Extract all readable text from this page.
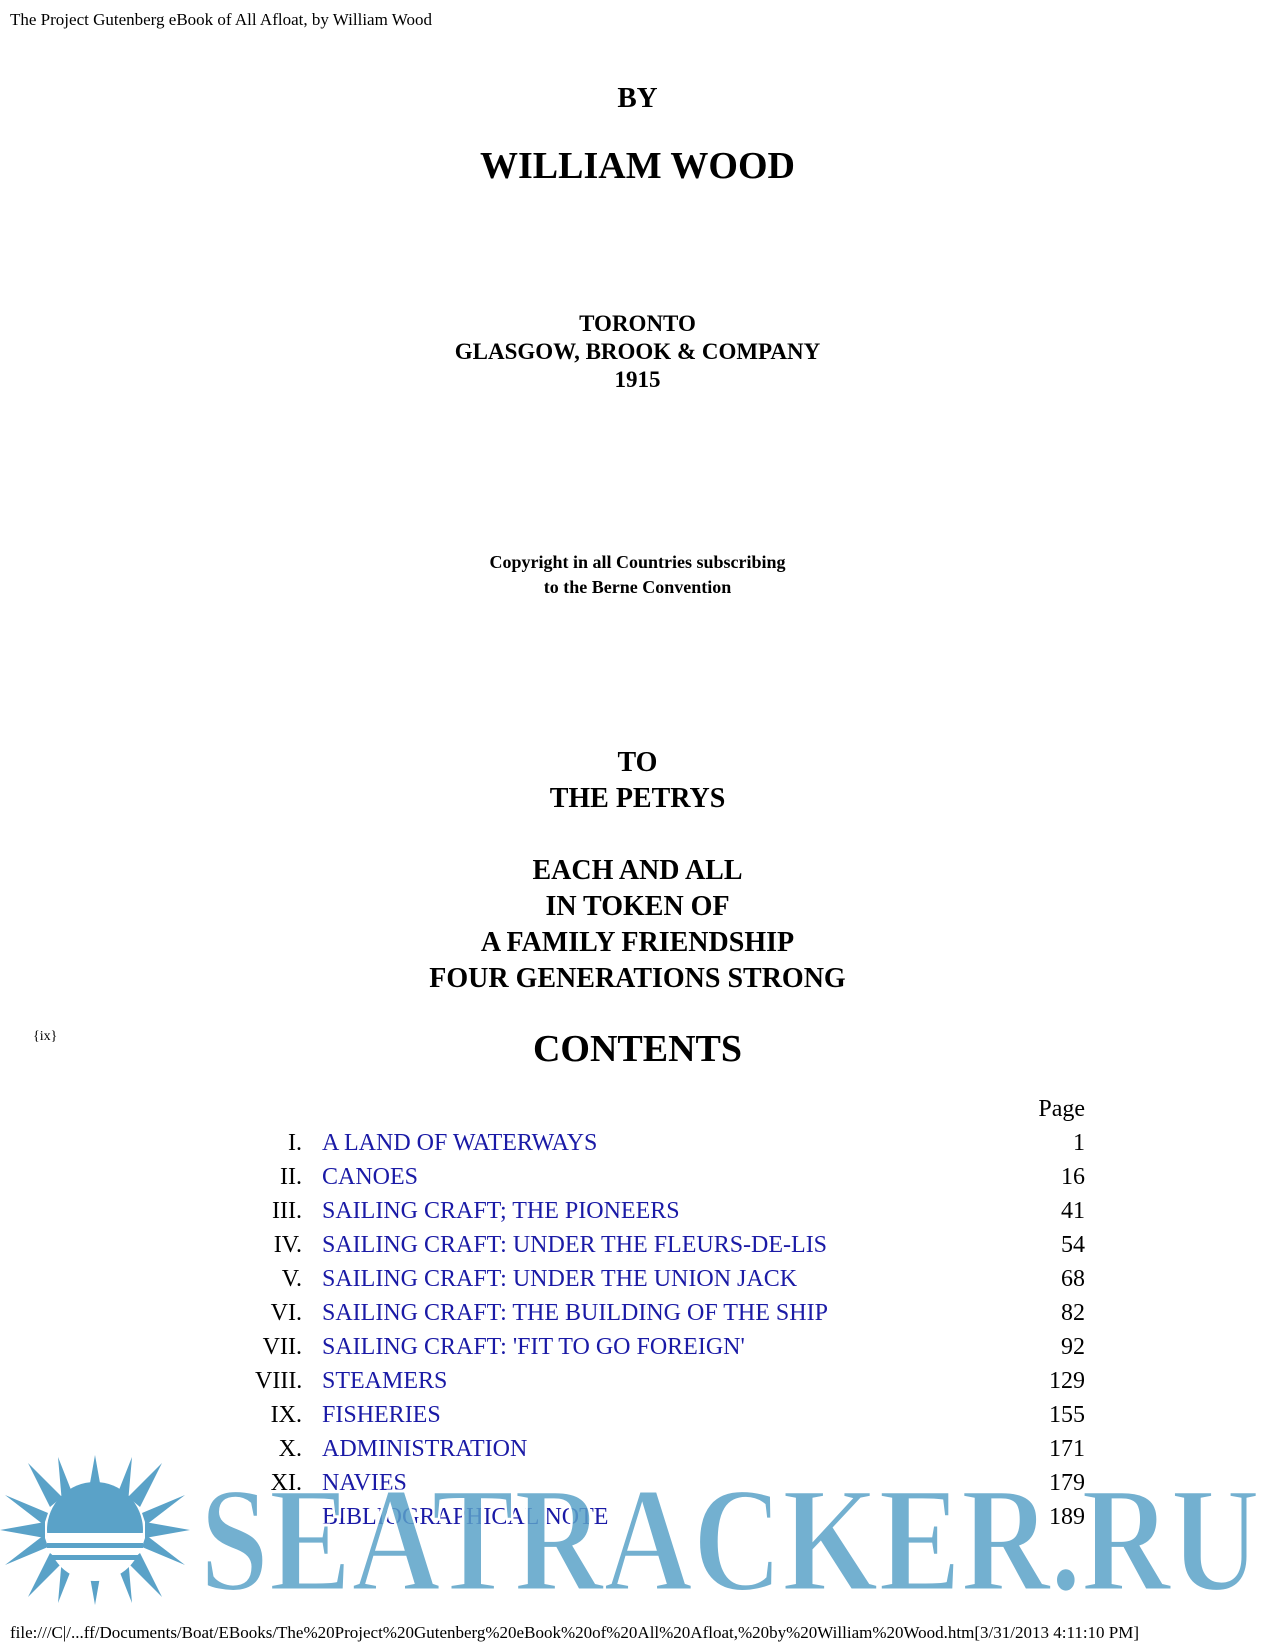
The Project Gutenberg eBook of All Afloat, by William Wood
BY
WILLIAM WOOD
TORONTO
GLASGOW, BROOK & COMPANY
1915
Copyright in all Countries subscribing
to the Berne Convention
TO
THE PETRYS
EACH AND ALL
IN TOKEN OF
A FAMILY FRIENDSHIP
FOUR GENERATIONS STRONG
{ix}	CONTENTS
Page
I. A LAND OF WATERWAYS	1
II. CANOES	16
III. SAILING CRAFT; THE PIONEERS	41
IV. SAILING CRAFT: UNDER THE FLEURS-DE-LIS	54
V. SAILING CRAFT: UNDER THE UNION JACK	68
VI. SAILING CRAFT: THE BUILDING OF THE SHIP	82
VII. SAILING CRAFT: 'FIT TO GO FOREIGN'	92
VIII. STEAMERS	129
IX. FISHERIES	155
X. ADMINISTRATION	171
XI. NAVIES	179
BIBLIOGRAPHICAL NOTE	189
SEATRACKER.RU
file:///C|/...ff/Documents/Boat/EBooks/The%20Project%20Gutenberg%20eBook%20of%20All%20Afloat,%20by%20William%20Wood.htm[3/31/2013 4:11:10 PM]
